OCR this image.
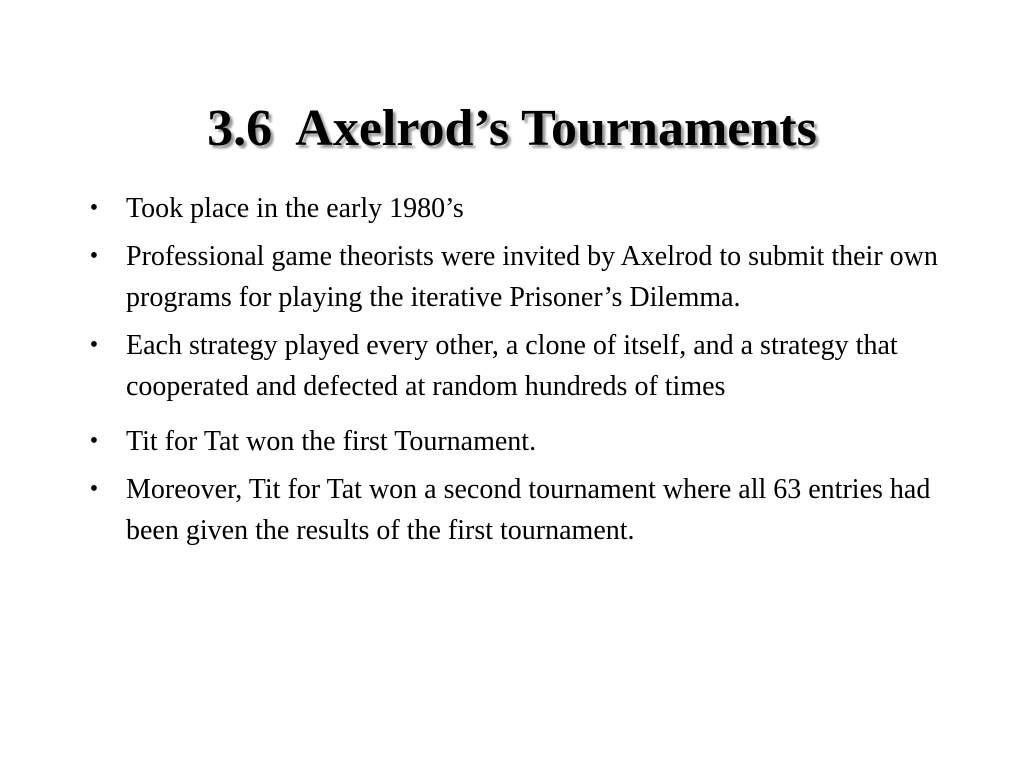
3.6  Axelrod’s Tournaments
• Took place in the early 1980’s
• Professional game theorists were invited by Axelrod to submit their own programs for playing the iterative Prisoner’s Dilemma.
• Each strategy played every other, a clone of itself, and a strategy that cooperated and defected at random hundreds of times
• Tit for Tat won the first Tournament.
• Moreover, Tit for Tat won a second tournament where all 63 entries had been given the results of the first tournament.
